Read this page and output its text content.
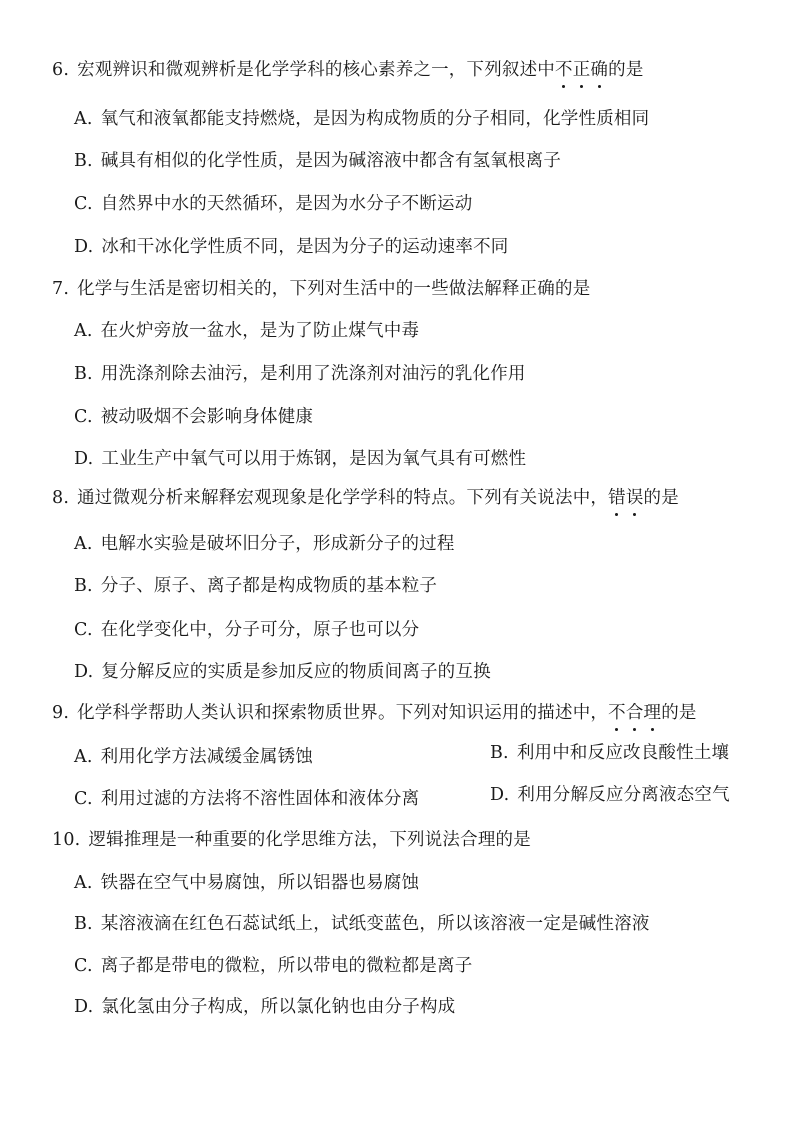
6. 宏观辨识和微观辨析是化学学科的核心素养之一，下列叙述中不正确的是
A. 氧气和液氧都能支持燃烧，是因为构成物质的分子相同，化学性质相同
B. 碱具有相似的化学性质，是因为碱溶液中都含有氢氧根离子
C. 自然界中水的天然循环，是因为水分子不断运动
D. 冰和干冰化学性质不同，是因为分子的运动速率不同
7. 化学与生活是密切相关的，下列对生活中的一些做法解释正确的是
A. 在火炉旁放一盆水，是为了防止煤气中毒
B. 用洗涤剂除去油污，是利用了洗涤剂对油污的乳化作用
C. 被动吸烟不会影响身体健康
D. 工业生产中氧气可以用于炼钢，是因为氧气具有可燃性
8. 通过微观分析来解释宏观现象是化学学科的特点。下列有关说法中，错误的是
A. 电解水实验是破坏旧分子，形成新分子的过程
B. 分子、原子、离子都是构成物质的基本粒子
C. 在化学变化中，分子可分，原子也可以分
D. 复分解反应的实质是参加反应的物质间离子的互换
9. 化学科学帮助人类认识和探索物质世界。下列对知识运用的描述中，不合理的是
A. 利用化学方法减缓金属锈蚀	B. 利用中和反应改良酸性土壤
C. 利用过滤的方法将不溶性固体和液体分离	D. 利用分解反应分离液态空气
10. 逻辑推理是一种重要的化学思维方法，下列说法合理的是
A. 铁器在空气中易腐蚀，所以铝器也易腐蚀
B. 某溶液滴在红色石蕊试纸上，试纸变蓝色，所以该溶液一定是碱性溶液
C. 离子都是带电的微粒，所以带电的微粒都是离子
D. 氯化氢由分子构成，所以氯化钠也由分子构成
